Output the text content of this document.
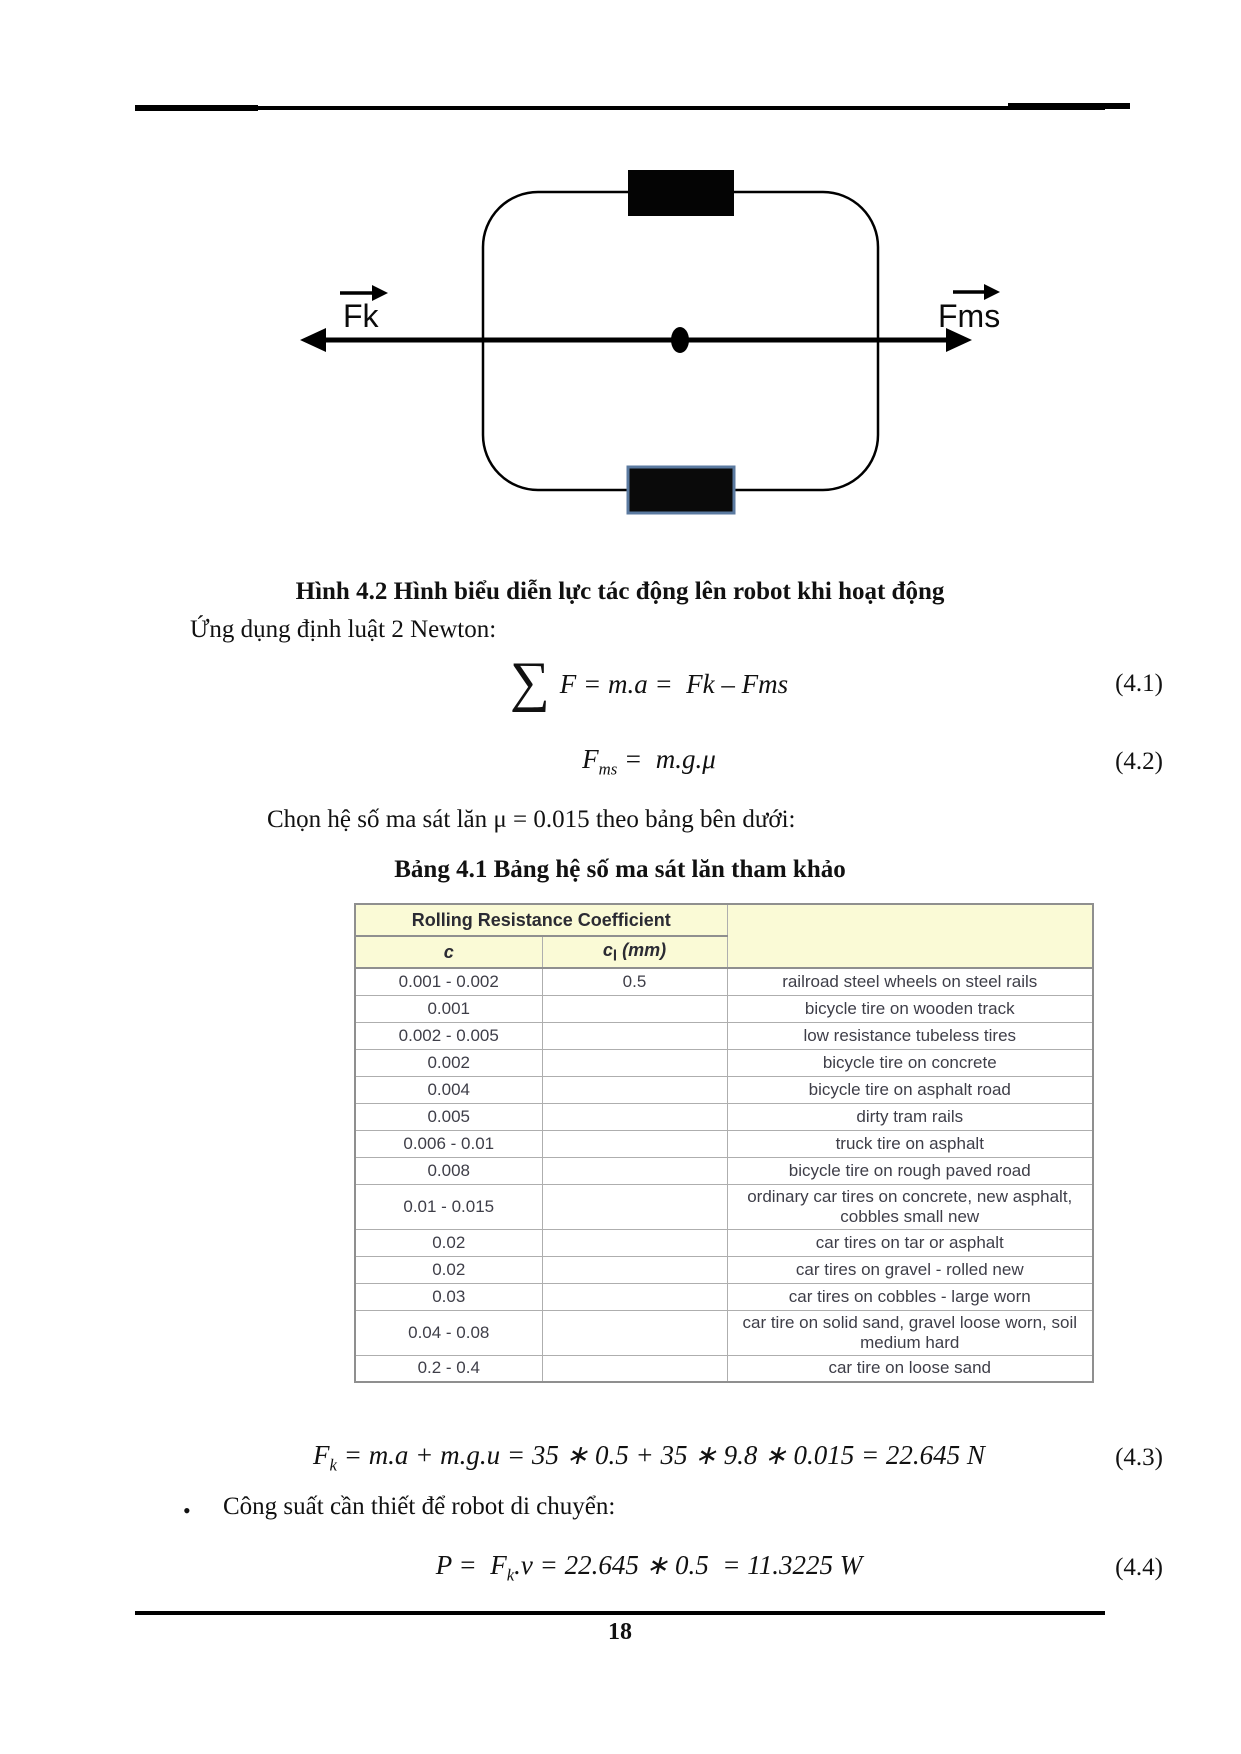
Fk	Fms
Hình 4.2 Hình biểu diễn lực tác động lên robot khi hoạt động
Ứng dụng định luật 2 Newton:
∑ F = m.a =  Fk – Fms	(4.1)
$F_{ms} = m.g.\mu$	(4.2)
Chọn hệ số ma sát lăn μ = 0.015 theo bảng bên dưới:
Bảng 4.1 Bảng hệ số ma sát lăn tham khảo
Rolling Resistance Coefficient		
c	$c_l$ (mm)	
0.001 - 0.002	0.5	railroad steel wheels on steel rails
0.001		bicycle tire on wooden track
0.002 - 0.005		low resistance tubeless tires
0.002		bicycle tire on concrete
0.004		bicycle tire on asphalt road
0.005		dirty tram rails
0.006 - 0.01		truck tire on asphalt
0.008		bicycle tire on rough paved road
0.01 - 0.015		ordinary car tires on concrete, new asphalt, cobbles small new
0.02		car tires on tar or asphalt
0.02		car tires on gravel - rolled new
0.03		car tires on cobbles - large worn
0.04 - 0.08		car tire on solid sand, gravel loose worn, soil medium hard
0.2 - 0.4		car tire on loose sand
$F_k = m.a + m.g.u = 35$ ∗ 0.5 + 35 ∗ 9.8 ∗ 0.015 = 22.645 N	(4.3)
• Công suất cần thiết để robot di chuyển:
$P = F_k.v = 22.645$ ∗ 0.5  = 11.3225 W	(4.4)
18
